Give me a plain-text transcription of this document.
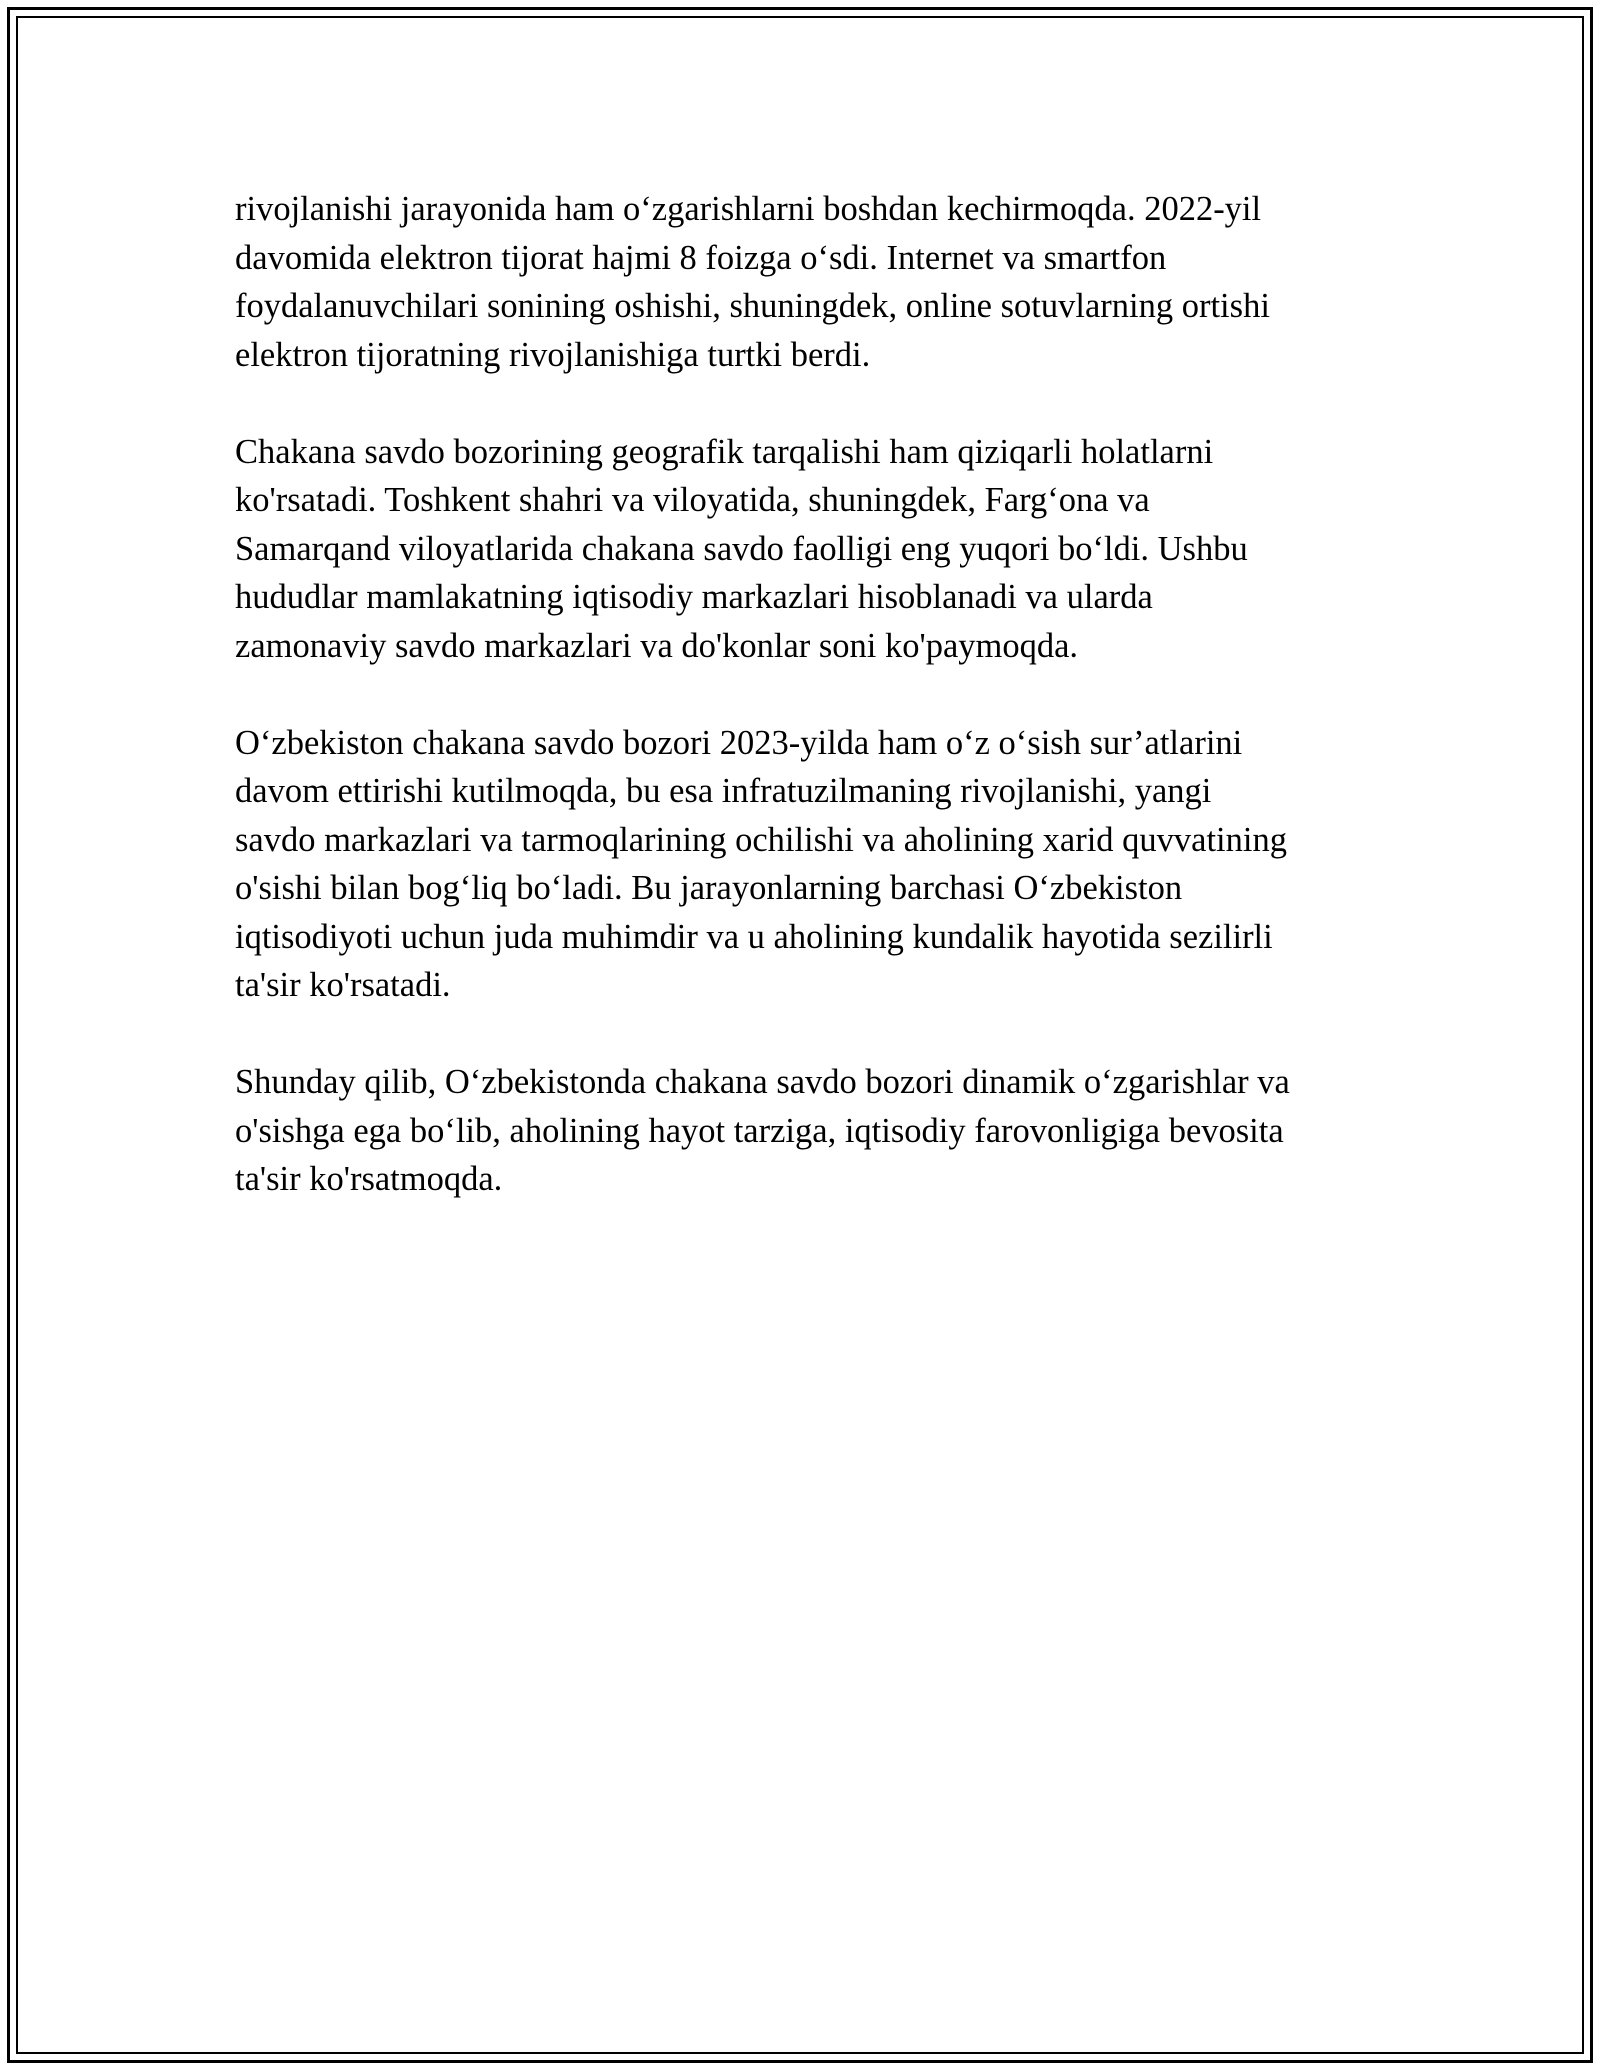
rivojlanishi jarayonida ham o‘zgarishlarni boshdan kechirmoqda. 2022-yil
davomida elektron tijorat hajmi 8 foizga o‘sdi. Internet va smartfon
foydalanuvchilari sonining oshishi, shuningdek, online sotuvlarning ortishi
elektron tijoratning rivojlanishiga turtki berdi.

Chakana savdo bozorining geografik tarqalishi ham qiziqarli holatlarni
ko'rsatadi. Toshkent shahri va viloyatida, shuningdek, Farg‘ona va
Samarqand viloyatlarida chakana savdo faolligi eng yuqori bo‘ldi. Ushbu
hududlar mamlakatning iqtisodiy markazlari hisoblanadi va ularda
zamonaviy savdo markazlari va do'konlar soni ko'paymoqda.

O‘zbekiston chakana savdo bozori 2023-yilda ham o‘z o‘sish sur’atlarini
davom ettirishi kutilmoqda, bu esa infratuzilmaning rivojlanishi, yangi
savdo markazlari va tarmoqlarining ochilishi va aholining xarid quvvatining
o'sishi bilan bog‘liq bo‘ladi. Bu jarayonlarning barchasi O‘zbekiston
iqtisodiyoti uchun juda muhimdir va u aholining kundalik hayotida sezilirli
ta'sir ko'rsatadi.

Shunday qilib, O‘zbekistonda chakana savdo bozori dinamik o‘zgarishlar va
o'sishga ega bo‘lib, aholining hayot tarziga, iqtisodiy farovonligiga bevosita
ta'sir ko'rsatmoqda.
